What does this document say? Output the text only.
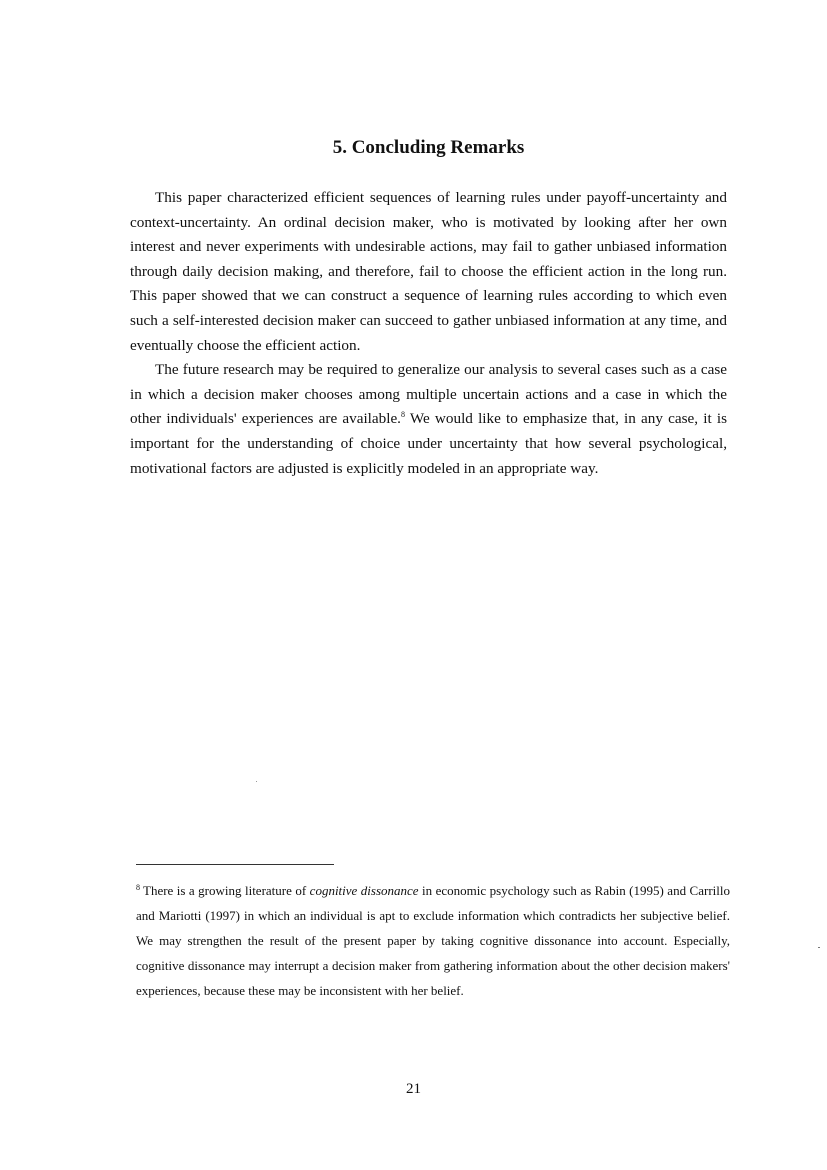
5. Concluding Remarks

This paper characterized efficient sequences of learning rules under payoff-uncertainty and context-uncertainty. An ordinal decision maker, who is motivated by looking after her own interest and never experiments with undesirable actions, may fail to gather unbiased information through daily decision making, and therefore, fail to choose the efficient action in the long run. This paper showed that we can construct a sequence of learning rules according to which even such a self-interested decision maker can succeed to gather unbiased information at any time, and eventually choose the efficient action.

The future research may be required to generalize our analysis to several cases such as a case in which a decision maker chooses among multiple uncertain actions and a case in which the other individuals' experiences are available.$^8$ We would like to emphasize that, in any case, it is important for the understanding of choice under uncertainty that how several psychological, motivational factors are adjusted is explicitly modeled in an appropriate way.

$^8$ There is a growing literature of cognitive dissonance in economic psychology such as Rabin (1995) and Carrillo and Mariotti (1997) in which an individual is apt to exclude information which contradicts her subjective belief. We may strengthen the result of the present paper by taking cognitive dissonance into account. Especially, cognitive dissonance may interrupt a decision maker from gathering information about the other decision makers' experiences, because these may be inconsistent with her belief.

21
